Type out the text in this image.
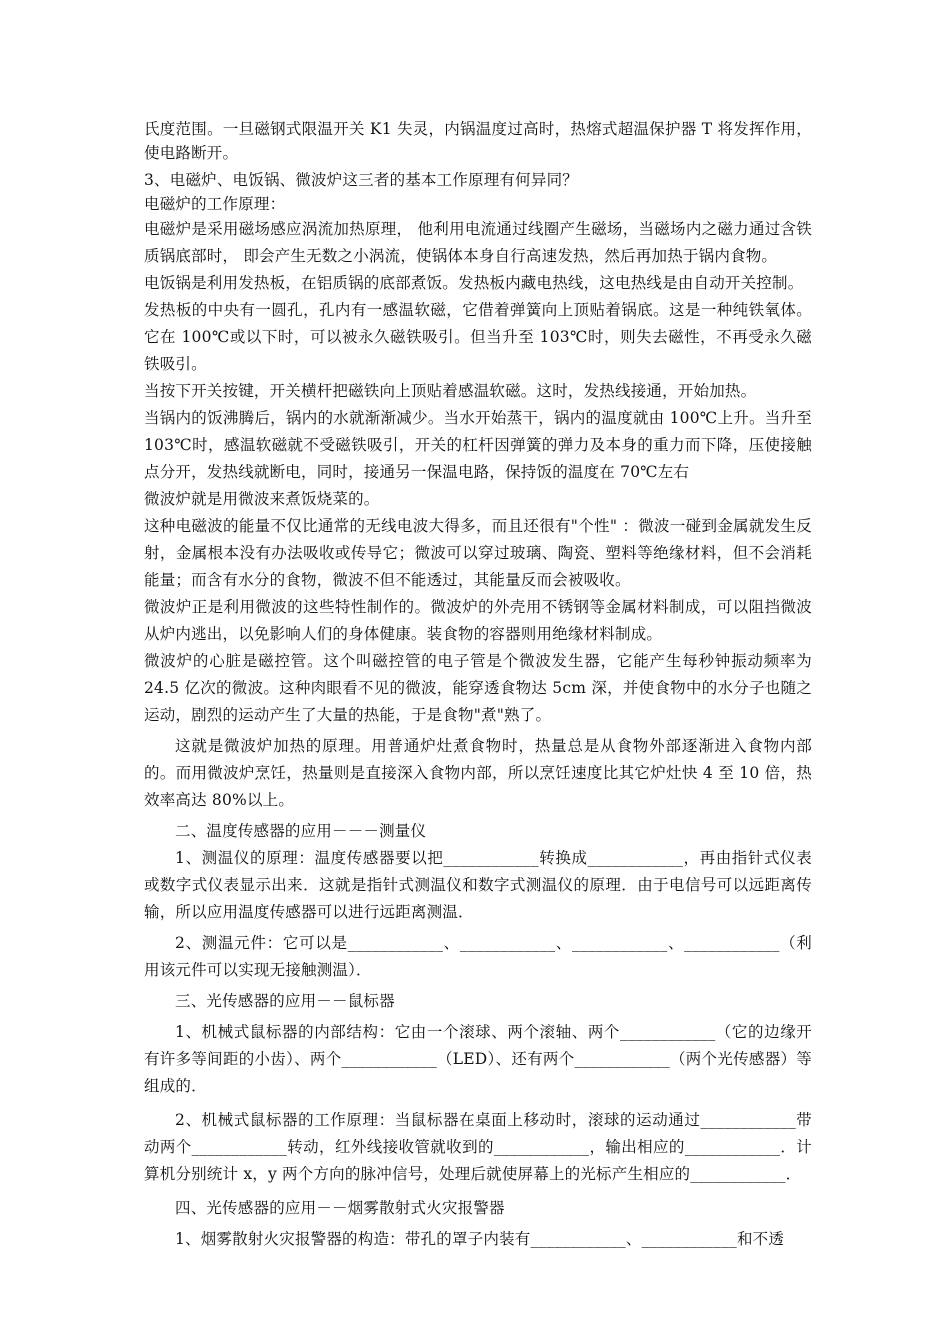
氏度范围。一旦磁钢式限温开关 K1 失灵，内锅温度过高时，热熔式超温保护器 T 将发挥作用，使电路断开。

3、电磁炉、电饭锅、微波炉这三者的基本工作原理有何异同？

电磁炉的工作原理：

电磁炉是采用磁场感应涡流加热原理， 他利用电流通过线圈产生磁场，当磁场内之磁力通过含铁质锅底部时， 即会产生无数之小涡流，使锅体本身自行高速发热，然后再加热于锅内食物。

电饭锅是利用发热板，在铝质锅的底部煮饭。发热板内藏电热线，这电热线是由自动开关控制。

发热板的中央有一圆孔，孔内有一感温软磁，它借着弹簧向上顶贴着锅底。这是一种纯铁氧体。它在 100℃或以下时，可以被永久磁铁吸引。但当升至 103℃时，则失去磁性，不再受永久磁铁吸引。

当按下开关按键，开关横杆把磁铁向上顶贴着感温软磁。这时，发热线接通，开始加热。

当锅内的饭沸腾后，锅内的水就渐渐减少。当水开始蒸干，锅内的温度就由 100℃上升。当升至 103℃时，感温软磁就不受磁铁吸引，开关的杠杆因弹簧的弹力及本身的重力而下降，压使接触点分开，发热线就断电，同时，接通另一保温电路，保持饭的温度在 70℃左右

微波炉就是用微波来煮饭烧菜的。

这种电磁波的能量不仅比通常的无线电波大得多，而且还很有"个性" ：微波一碰到金属就发生反射，金属根本没有办法吸收或传导它；微波可以穿过玻璃、陶瓷、塑料等绝缘材料，但不会消耗能量；而含有水分的食物，微波不但不能透过，其能量反而会被吸收。

微波炉正是利用微波的这些特性制作的。微波炉的外壳用不锈钢等金属材料制成，可以阻挡微波从炉内逃出，以免影响人们的身体健康。装食物的容器则用绝缘材料制成。

微波炉的心脏是磁控管。这个叫磁控管的电子管是个微波发生器，它能产生每秒钟振动频率为 24.5 亿次的微波。这种肉眼看不见的微波，能穿透食物达 5cm 深，并使食物中的水分子也随之运动，剧烈的运动产生了大量的热能，于是食物"煮"熟了。

这就是微波炉加热的原理。用普通炉灶煮食物时，热量总是从食物外部逐渐进入食物内部的。而用微波炉烹饪，热量则是直接深入食物内部，所以烹饪速度比其它炉灶快 4 至 10 倍，热效率高达 80%以上。

二、温度传感器的应用－－－测量仪

1、测温仪的原理：温度传感器要以把____________转换成____________，再由指针式仪表或数字式仪表显示出来．这就是指针式测温仪和数字式测温仪的原理．由于电信号可以远距离传输，所以应用温度传感器可以进行远距离测温．

2、测温元件：它可以是____________、____________、____________、____________（利用该元件可以实现无接触测温）．

三、光传感器的应用－－鼠标器

1、机械式鼠标器的内部结构：它由一个滚球、两个滚轴、两个____________（它的边缘开有许多等间距的小齿）、两个____________（LED）、还有两个____________（两个光传感器）等组成的．

2、机械式鼠标器的工作原理：当鼠标器在桌面上移动时，滚球的运动通过____________带动两个____________转动，红外线接收管就收到的____________，输出相应的____________．计算机分别统计 x，y 两个方向的脉冲信号，处理后就使屏幕上的光标产生相应的____________．

四、光传感器的应用－－烟雾散射式火灾报警器

1、烟雾散射火灾报警器的构造：带孔的罩子内装有____________、____________和不透
